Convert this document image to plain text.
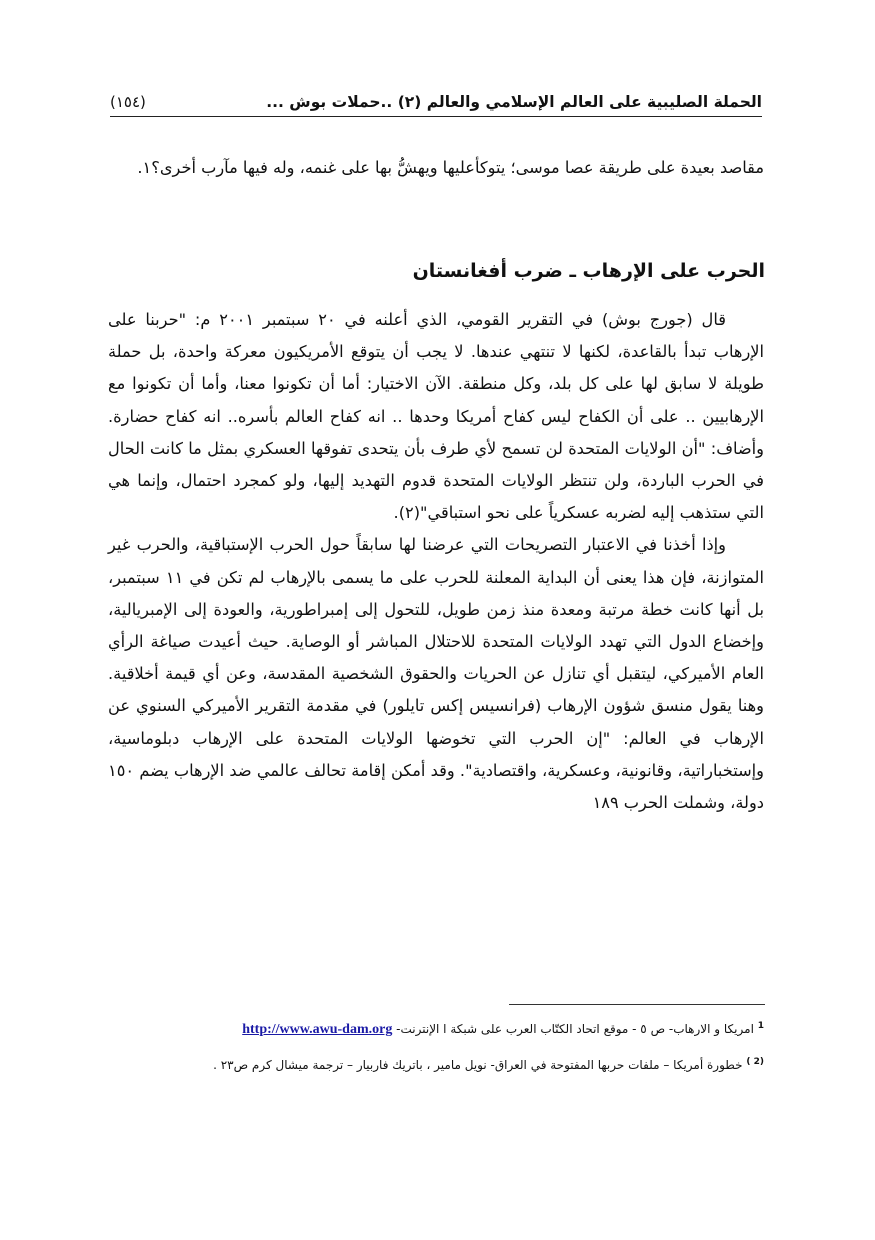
الحملة الصليبية على العالم الإسلامي والعالم (٢) ..حملات بوش ...
(١٥٤)

مقاصد بعيدة على طريقة عصا موسى؛ يتوكأعليها ويهشُّ بها على غنمه، وله فيها مآرب أخرى؟١.

الحرب على الإرهاب ـ ضرب أفغانستان

قال (جورج بوش) في التقرير القومي، الذي أعلنه في ٢٠ سبتمبر ٢٠٠١ م: "حربنا على الإرهاب تبدأ بالقاعدة، لكنها لا تنتهي عندها. لا يجب أن يتوقع الأمريكيون معركة واحدة، بل حملة طويلة لا سابق لها على كل بلد، وكل منطقة. الآن الاختيار: أما أن تكونوا معنا، وأما أن تكونوا مع الإرهابيين .. على أن الكفاح ليس كفاح أمريكا وحدها .. انه كفاح العالم بأسره.. انه كفاح حضارة. وأضاف: "أن الولايات المتحدة لن تسمح لأي طرف بأن يتحدى تفوقها العسكري بمثل ما كانت الحال في الحرب الباردة، ولن تنتظر الولايات المتحدة قدوم التهديد إليها، ولو كمجرد احتمال، وإنما هي التي ستذهب إليه لضربه عسكرياً على نحو استباقي"(٢).

وإذا أخذنا في الاعتبار التصريحات التي عرضنا لها سابقاً حول الحرب الإستباقية، والحرب غير المتوازنة، فإن هذا يعنى أن البداية المعلنة للحرب على ما يسمى بالإرهاب لم تكن في ١١ سبتمبر، بل أنها كانت خطة مرتبة ومعدة منذ زمن طويل، للتحول إلى إمبراطورية، والعودة إلى الإمبريالية، وإخضاع الدول التي تهدد الولايات المتحدة للاحتلال المباشر أو الوصاية. حيث أعيدت صياغة الرأي العام الأميركي، ليتقبل أي تنازل عن الحريات والحقوق الشخصية المقدسة، وعن أي قيمة أخلاقية. وهنا يقول منسق شؤون الإرهاب (فرانسيس إكس تايلور) في مقدمة التقرير الأميركي السنوي عن الإرهاب في العالم: "إن الحرب التي تخوضها الولايات المتحدة على الإرهاب دبلوماسية، وإستخباراتية، وقانونية، وعسكرية، واقتصادية". وقد أمكن إقامة تحالف عالمي ضد الإرهاب يضم ١٥٠ دولة، وشملت الحرب ١٨٩

$^1$ امريكا و الارهاب- ص ٥ - موقع اتحاد الكتّاب العرب على شبكة ا الإنترنت- http://www.awu-dam.org

$^{(2 )}$ خطورة أمريكا – ملفات حربها المفتوحة في العراق- نويل مامير ، باتريك فاربيار – ترجمة ميشال كرم ص٢٣ .
